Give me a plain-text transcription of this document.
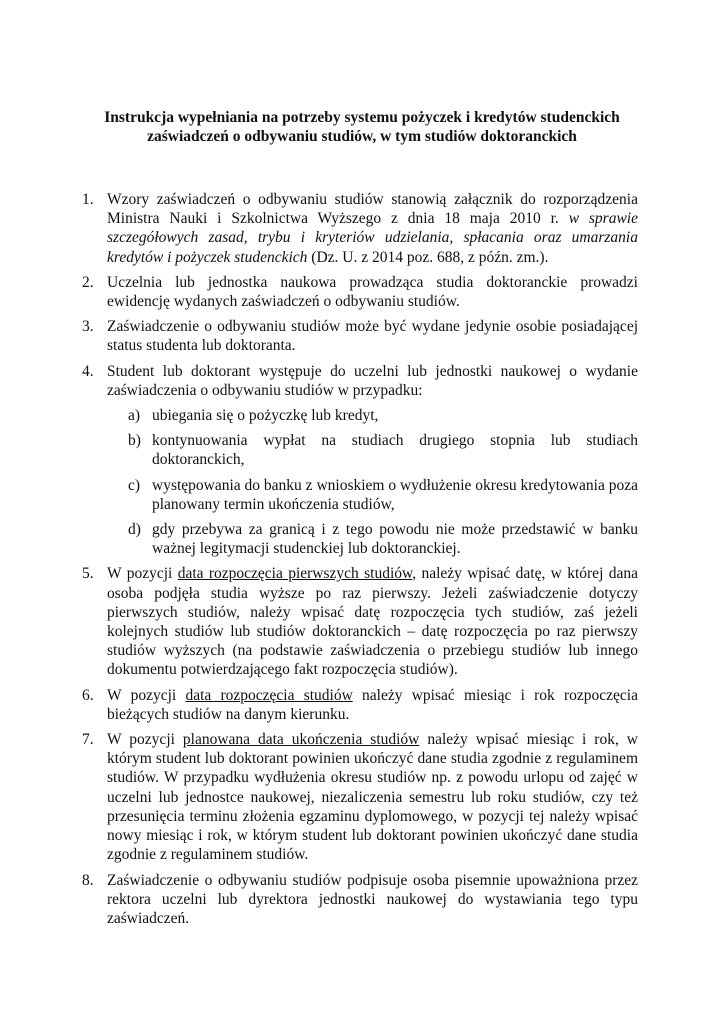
Instrukcja wypełniania na potrzeby systemu pożyczek i kredytów studenckich
zaświadczeń o odbywaniu studiów, w tym studiów doktoranckich
1. Wzory zaświadczeń o odbywaniu studiów stanowią załącznik do rozporządzenia Ministra Nauki i Szkolnictwa Wyższego z dnia 18 maja 2010 r. w sprawie szczegółowych zasad, trybu i kryteriów udzielania, spłacania oraz umarzania kredytów i pożyczek studenckich (Dz. U. z 2014 poz. 688, z późn. zm.).
2. Uczelnia lub jednostka naukowa prowadząca studia doktoranckie prowadzi ewidencję wydanych zaświadczeń o odbywaniu studiów.
3. Zaświadczenie o odbywaniu studiów może być wydane jedynie osobie posiadającej status studenta lub doktoranta.
4. Student lub doktorant występuje do uczelni lub jednostki naukowej o wydanie zaświadczenia o odbywaniu studiów w przypadku:
a) ubiegania się o pożyczkę lub kredyt,
b) kontynuowania wypłat na studiach drugiego stopnia lub studiach doktoranckich,
c) występowania do banku z wnioskiem o wydłużenie okresu kredytowania poza planowany termin ukończenia studiów,
d) gdy przebywa za granicą i z tego powodu nie może przedstawić w banku ważnej legitymacji studenckiej lub doktoranckiej.
5. W pozycji data rozpoczęcia pierwszych studiów, należy wpisać datę, w której dana osoba podjęła studia wyższe po raz pierwszy. Jeżeli zaświadczenie dotyczy pierwszych studiów, należy wpisać datę rozpoczęcia tych studiów, zaś jeżeli kolejnych studiów lub studiów doktoranckich – datę rozpoczęcia po raz pierwszy studiów wyższych (na podstawie zaświadczenia o przebiegu studiów lub innego dokumentu potwierdzającego fakt rozpoczęcia studiów).
6. W pozycji data rozpoczęcia studiów należy wpisać miesiąc i rok rozpoczęcia bieżących studiów na danym kierunku.
7. W pozycji planowana data ukończenia studiów należy wpisać miesiąc i rok, w którym student lub doktorant powinien ukończyć dane studia zgodnie z regulaminem studiów. W przypadku wydłużenia okresu studiów np. z powodu urlopu od zajęć w uczelni lub jednostce naukowej, niezaliczenia semestru lub roku studiów, czy też przesunięcia terminu złożenia egzaminu dyplomowego, w pozycji tej należy wpisać nowy miesiąc i rok, w którym student lub doktorant powinien ukończyć dane studia zgodnie z regulaminem studiów.
8. Zaświadczenie o odbywaniu studiów podpisuje osoba pisemnie upoważniona przez rektora uczelni lub dyrektora jednostki naukowej do wystawiania tego typu zaświadczeń.
